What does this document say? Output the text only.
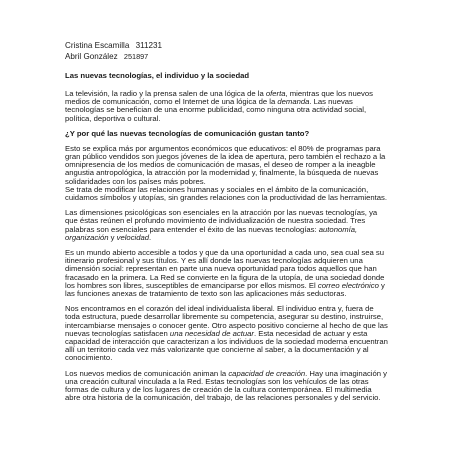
Cristina Escamilla 311231
Abril González 251897
Las nuevas tecnologías, el individuo y la sociedad

La televisión, la radio y la prensa salen de una lógica de la oferta, mientras que los nuevos medios de comunicación, como el Internet de una lógica de la demanda. Las nuevas tecnologías se benefician de una enorme publicidad, como ninguna otra actividad social, política, deportiva o cultural.

¿Y por qué las nuevas tecnologías de comunicación gustan tanto?

Esto se explica más por argumentos económicos que educativos: el 80% de programas para gran público vendidos son juegos jóvenes de la idea de apertura, pero también el rechazo a la omnipresencia de los medios de comunicación de masas, el deseo de romper a la ineagble angustia antropológica, la atracción por la modernidad y, finalmente, la búsqueda de nuevas solidaridades con los países más pobres.

Se trata de modificar las relaciones humanas y sociales en el ámbito de la comunicación, cuidamos símbolos y utopías, sin grandes relaciones con la productividad de las herramientas.

Las dimensiones psicológicas son esenciales en la atracción por las nuevas tecnologías, ya que éstas reúnen el profundo movimiento de individualización de nuestra sociedad. Tres palabras son esenciales para entender el éxito de las nuevas tecnologías: autonomía, organización y velocidad.

Es un mundo abierto accesible a todos y que da una oportunidad a cada uno, sea cual sea su itinerario profesional y sus títulos. Y es allí donde las nuevas tecnologías adquieren una dimensión social: representan en parte una nueva oportunidad para todos aquellos que han fracasado en la primera. La Red se convierte en la figura de la utopía, de una sociedad donde los hombres son libres, susceptibles de emanciparse por ellos mismos. El correo electrónico y las funciones anexas de tratamiento de texto son las aplicaciones más seductoras.

Nos encontramos en el corazón del ideal individualista liberal. El individuo entra y, fuera de toda estructura, puede desarrollar libremente su competencia, asegurar su destino, instruirse, intercambiarse mensajes o conocer gente. Otro aspecto positivo concierne al hecho de que las nuevas tecnologías satisfacen una necesidad de actuar. Esta necesidad de actuar y esta capacidad de interacción que caracterizan a los individuos de la sociedad moderna encuentran allí un territorio cada vez más valorizante que concierne al saber, a la documentación y al conocimiento.

Los nuevos medios de comunicación animan la capacidad de creación. Hay una imaginación y una creación cultural vinculada a la Red. Estas tecnologías son los vehículos de las otras formas de cultura y de los lugares de creación de la cultura contemporánea. El multimedia abre otra historia de la comunicación, del trabajo, de las relaciones personales y del servicio.
